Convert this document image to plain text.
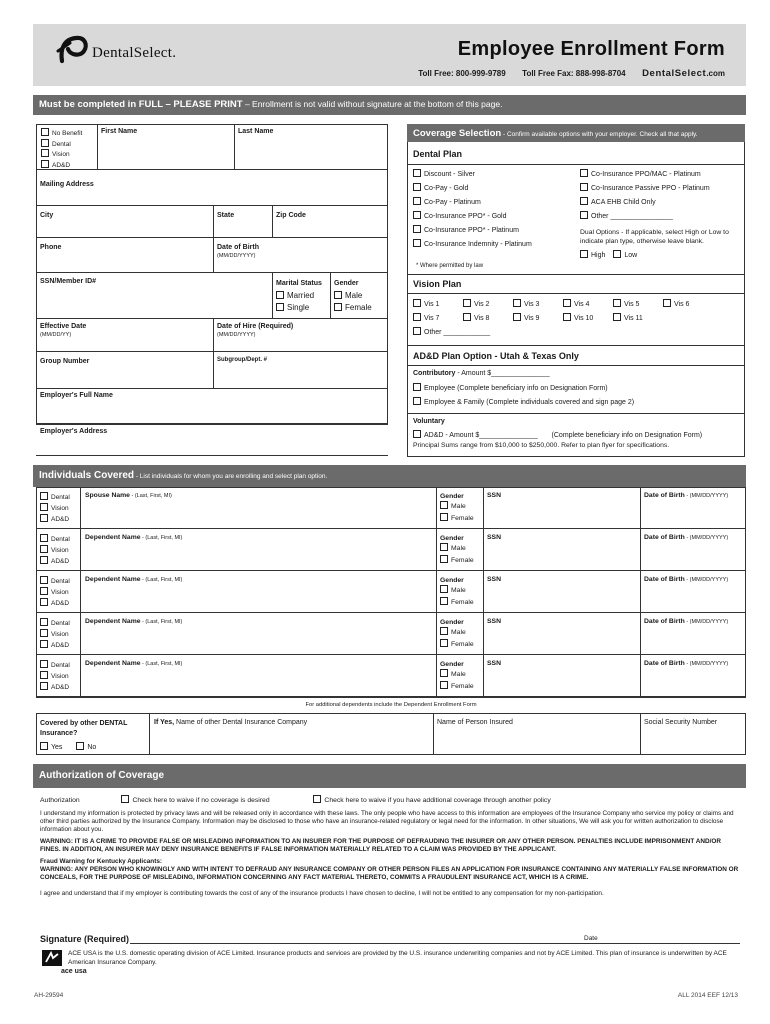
DentalSelect.	Employee Enrollment Form
Toll Free: 800-999-9789 Toll Free Fax: 888-998-8704 DentalSelect.com
Must be completed in FULL – PLEASE PRINT – Enrollment is not valid without signature at the bottom of this page.
No Benefit
Dental
Vision
AD&D
First Name	Last Name
Mailing Address
City	State	Zip Code
Phone	Date of Birth
(MM/DD/YYYY)
SSN/Member ID#	Marital Status
Married
Single
Gender
Male
Female
Effective Date
(MM/DD/YY)
Date of Hire (Required)
(MM/DD/YYYY)
Group Number	Subgroup/Dept. #
Employer's Full Name
Employer's Address
Coverage Selection - Confirm available options with your employer. Check all that apply.
Dental Plan
Discount - Silver
Co-Pay - Gold
Co-Pay - Platinum
Co-Insurance PPO* - Gold
Co-Insurance PPO* - Platinum
Co-Insurance Indemnity - Platinum
Co-Insurance PPO/MAC - Platinum
Co-Insurance Passive PPO - Platinum
ACA EHB Child Only
Other ________________
Dual Options - If applicable, select High or Low to indicate plan type, otherwise leave blank.
High	Low
* Where permitted by law
Vision Plan
Vis 1	Vis 2	Vis 3	Vis 4	Vis 5	Vis 6
Vis 7	Vis 8	Vis 9	Vis 10	Vis 11
Other ____________
AD&D Plan Option - Utah & Texas Only
Contributory - Amount $_______________
Employee (Complete beneficiary info on Designation Form)
Employee & Family (Complete individuals covered and sign page 2)
Voluntary
AD&D - Amount $_______________ (Complete beneficiary info on Designation Form)
Principal Sums range from $10,000 to $250,000. Refer to plan flyer for specifications.
Individuals Covered - List individuals for whom you are enrolling and select plan option.
Dental
Vision
AD&D
Spouse Name - (Last, First, MI)	Gender
Male
Female
SSN	Date of Birth - (MM/DD/YYYY)
Dental
Vision
AD&D
Dependent Name - (Last, First, MI)	Gender
Male
Female
SSN	Date of Birth - (MM/DD/YYYY)
Dental
Vision
AD&D
Dependent Name - (Last, First, MI)	Gender
Male
Female
SSN	Date of Birth - (MM/DD/YYYY)
Dental
Vision
AD&D
Dependent Name - (Last, First, MI)	Gender
Male
Female
SSN	Date of Birth - (MM/DD/YYYY)
Dental
Vision
AD&D
Dependent Name - (Last, First, MI)	Gender
Male
Female
SSN	Date of Birth - (MM/DD/YYYY)
For additional dependents include the Dependent Enrollment Form
Covered by other DENTAL Insurance?
Yes	No
If Yes, Name of other Dental Insurance Company	Name of Person Insured	Social Security Number
Authorization of Coverage
Authorization	Check here to waive if no coverage is desired	Check here to waive if you have additional coverage through another policy

I understand my information is protected by privacy laws and will be released only in accordance with these laws. The only people who have access to this information are employees of the Insurance Company who service my policy or claims and other third parties authorized by the Insurance Company. Information may be disclosed to those who have an insurance-related regulatory or legal need for the information. In other situations, We will ask you for written authorization to disclose information about you.

WARNING: IT IS A CRIME TO PROVIDE FALSE OR MISLEADING INFORMATION TO AN INSURER FOR THE PURPOSE OF DEFRAUDING THE INSURER OR ANY OTHER PERSON. PENALTIES INCLUDE IMPRISONMENT AND/OR FINES. IN ADDITION, AN INSURER MAY DENY INSURANCE BENEFITS IF FALSE INFORMATION MATERIALLY RELATED TO A CLAIM WAS PROVIDED BY THE APPLICANT.

Fraud Warning for Kentucky Applicants:

WARNING: ANY PERSON WHO KNOWINGLY AND WITH INTENT TO DEFRAUD ANY INSURANCE COMPANY OR OTHER PERSON FILES AN APPLICATION FOR INSURANCE CONTAINING ANY MATERIALLY FALSE INFORMATION OR CONCEALS, FOR THE PURPOSE OF MISLEADING, INFORMATION CONCERNING ANY FACT MATERIAL THERETO, COMMITS A FRAUDULENT INSURANCE ACT, WHICH IS A CRIME.

I agree and understand that if my employer is contributing towards the cost of any of the insurance products I have chosen to decline, I will not be entitled to any compensation for my non-participation.

Signature (Required)	Date
ace usa
ACE USA is the U.S. domestic operating division of ACE Limited. Insurance products and services are provided by the U.S. insurance underwriting companies and not by ACE Limited. This plan of insurance is underwritten by ACE American Insurance Company.
AH-29594	ALL 2014 EEF 12/13
